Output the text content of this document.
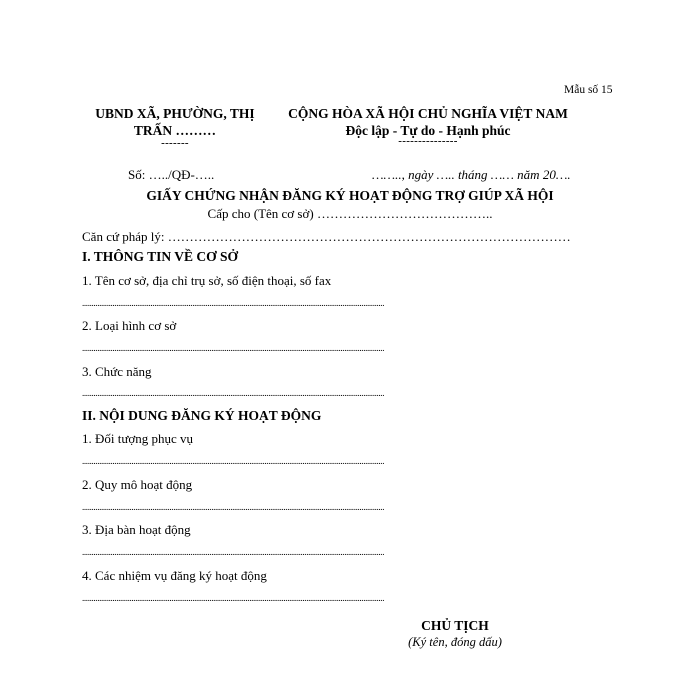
Mẫu số 15
UBND XÃ, PHƯỜNG, THỊ
TRẤN ………
-------
CỘNG HÒA XÃ HỘI CHỦ NGHĨA VIỆT NAM
Độc lập - Tự do - Hạnh phúc
---------------
Số: …../QĐ-…..	…….., ngày ….. tháng …… năm 20….
GIẤY CHỨNG NHẬN ĐĂNG KÝ HOẠT ĐỘNG TRỢ GIÚP XÃ HỘI
Cấp cho (Tên cơ sở) …………………………………..
Căn cứ pháp lý: …………………………………………………………………………………
I. THÔNG TIN VỀ CƠ SỞ
1. Tên cơ sở, địa chỉ trụ sở, số điện thoại, số fax
...............................................................................................................................................................
2. Loại hình cơ sở
...............................................................................................................................................................
3. Chức năng
...............................................................................................................................................................
II. NỘI DUNG ĐĂNG KÝ HOẠT ĐỘNG
1. Đối tượng phục vụ
...............................................................................................................................................................
2. Quy mô hoạt động
...............................................................................................................................................................
3. Địa bàn hoạt động
...............................................................................................................................................................
4. Các nhiệm vụ đăng ký hoạt động
...............................................................................................................................................................
CHỦ TỊCH
(Ký tên, đóng dấu)
